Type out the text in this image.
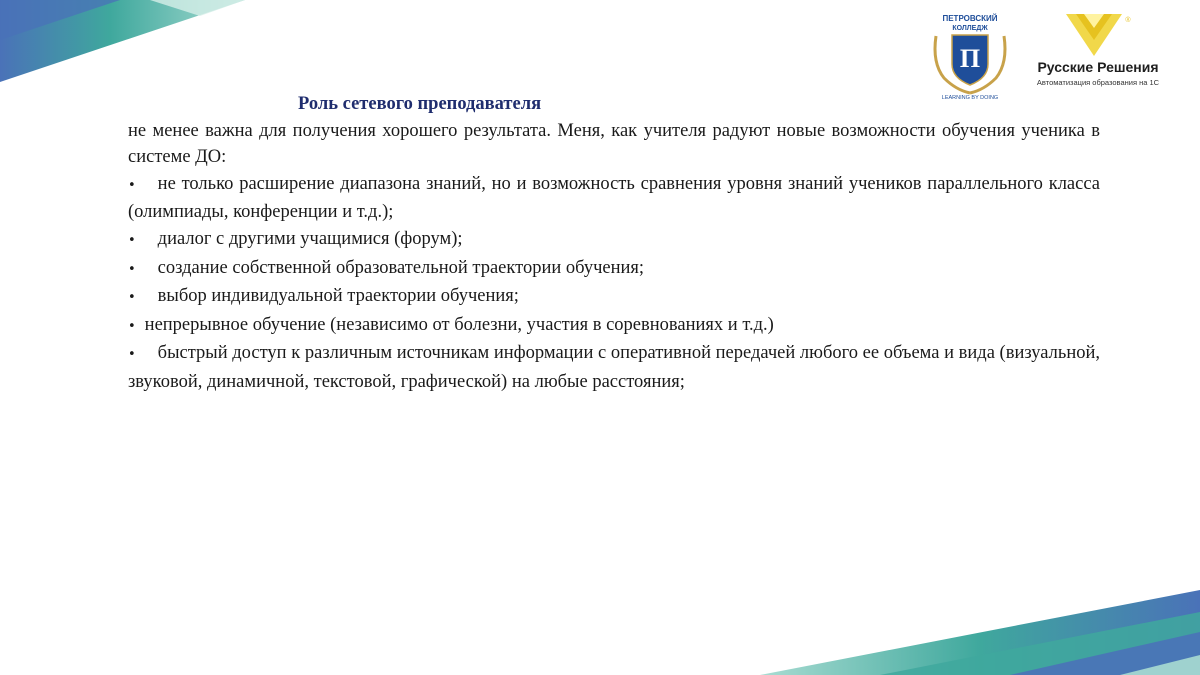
ПЕТРОВСКИЙ
КОЛЛЕДЖ
П
LEARNING BY DOING
®
Русские Решения
Автоматизация образования на 1С
Роль сетевого преподавателя
не менее важна для получения хорошего результата. Меня, как учителя радуют новые возможности обучения ученика в системе ДО:
• не только расширение диапазона знаний, но и возможность сравнения уровня знаний учеников параллельного класса (олимпиады, конференции и т.д.);
• диалог с другими учащимися (форум);
• создание собственной образовательной траектории обучения;
• выбор индивидуальной траектории обучения;
• непрерывное обучение (независимо от болезни, участия в соревнованиях и т.д.)
• быстрый доступ к различным источникам информации с оперативной передачей любого ее объема и вида (визуальной, звуковой, динамичной, текстовой, графической) на любые расстояния;
